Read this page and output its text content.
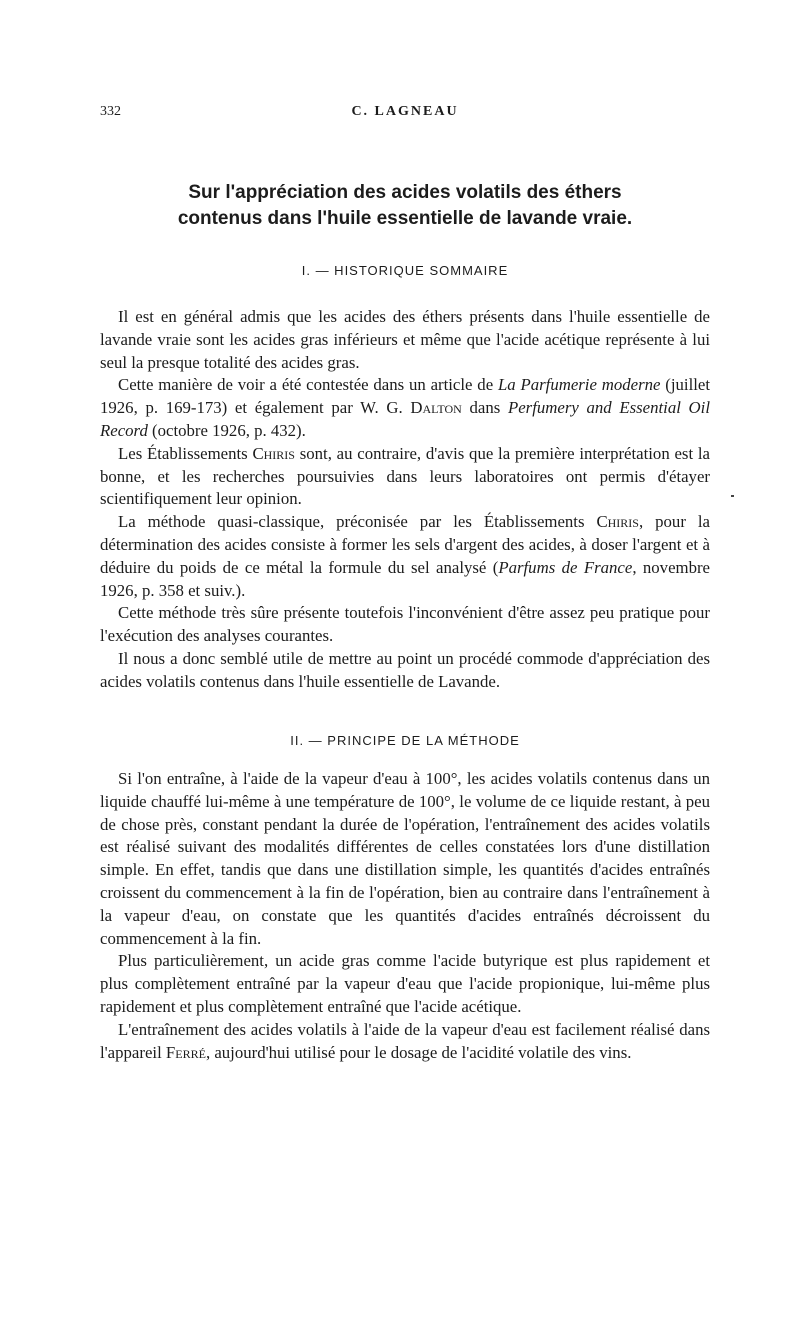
332	C. LAGNEAU
Sur l'appréciation des acides volatils des éthers
contenus dans l'huile essentielle de lavande vraie.
I. — HISTORIQUE SOMMAIRE

Il est en général admis que les acides des éthers présents dans l'huile essentielle de lavande vraie sont les acides gras inférieurs et même que l'acide acétique représente à lui seul la presque totalité des acides gras.

Cette manière de voir a été contestée dans un article de La Parfumerie moderne (juillet 1926, p. 169-173) et également par W. G. Dalton dans Perfumery and Essential Oil Record (octobre 1926, p. 432).

Les Établissements Chiris sont, au contraire, d'avis que la première interprétation est la bonne, et les recherches poursuivies dans leurs laboratoires ont permis d'étayer scientifiquement leur opinion.

La méthode quasi-classique, préconisée par les Établissements Chiris, pour la détermination des acides consiste à former les sels d'argent des acides, à doser l'argent et à déduire du poids de ce métal la formule du sel analysé (Parfums de France, novembre 1926, p. 358 et suiv.).

Cette méthode très sûre présente toutefois l'inconvénient d'être assez peu pratique pour l'exécution des analyses courantes.

Il nous a donc semblé utile de mettre au point un procédé commode d'appréciation des acides volatils contenus dans l'huile essentielle de Lavande.

II. — PRINCIPE DE LA MÉTHODE

Si l'on entraîne, à l'aide de la vapeur d'eau à 100°, les acides volatils contenus dans un liquide chauffé lui-même à une température de 100°, le volume de ce liquide restant, à peu de chose près, constant pendant la durée de l'opération, l'entraînement des acides volatils est réalisé suivant des modalités différentes de celles constatées lors d'une distillation simple. En effet, tandis que dans une distillation simple, les quantités d'acides entraînés croissent du commencement à la fin de l'opération, bien au contraire dans l'entraînement à la vapeur d'eau, on constate que les quantités d'acides entraînés décroissent du commencement à la fin.

Plus particulièrement, un acide gras comme l'acide butyrique est plus rapidement et plus complètement entraîné par la vapeur d'eau que l'acide propionique, lui-même plus rapidement et plus complètement entraîné que l'acide acétique.

L'entraînement des acides volatils à l'aide de la vapeur d'eau est facilement réalisé dans l'appareil Ferré, aujourd'hui utilisé pour le dosage de l'acidité volatile des vins.
